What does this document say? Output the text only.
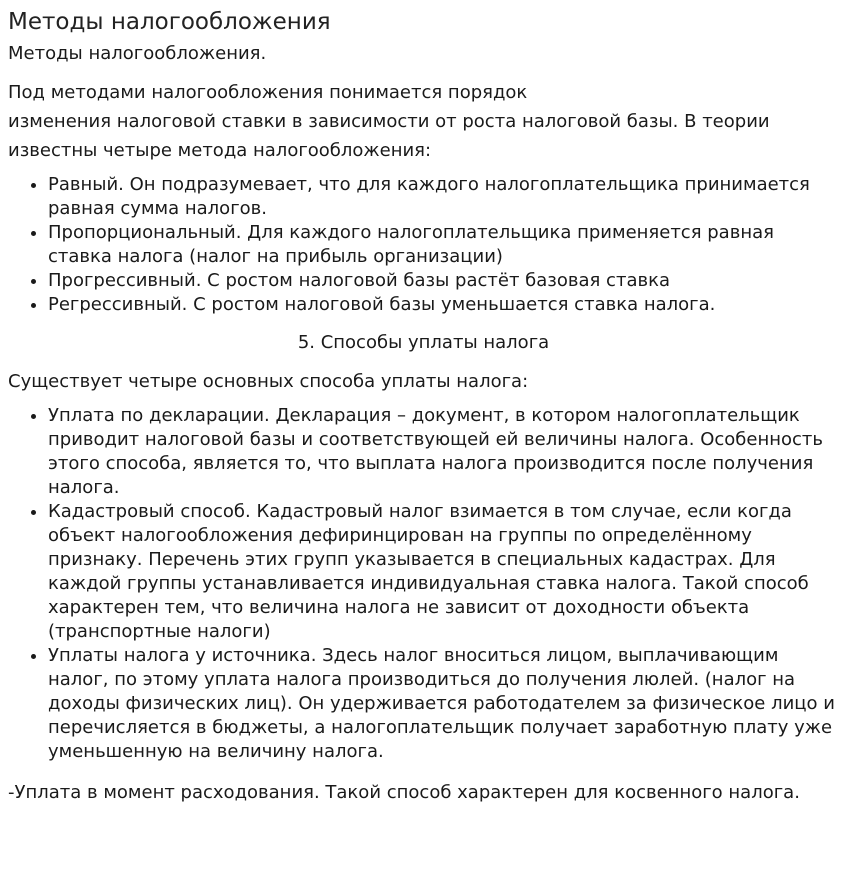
Методы налогообложения
Методы налогообложения.

Под методами налогообложения понимается порядок
изменения налоговой ставки в зависимости от роста налоговой базы. В теории известны четыре метода налогообложения:

• Равный. Он подразумевает, что для каждого налогоплательщика принимается равная сумма налогов.
• Пропорциональный. Для каждого налогоплательщика применяется равная ставка налога (налог на прибыль организации)
• Прогрессивный. С ростом налоговой базы растёт базовая ставка
• Регрессивный. С ростом налоговой базы уменьшается ставка налога.
5. Способы уплаты налога

Существует четыре основных способа уплаты налога:

• Уплата по декларации. Декларация – документ, в котором налогоплательщик приводит налоговой базы и соответствующей ей величины налога. Особенность этого способа, является то, что выплата налога производится после получения налога.
• Кадастровый способ. Кадастровый налог взимается в том случае, если когда объект налогообложения дефиринцирован на группы по определённому признаку. Перечень этих групп указывается в специальных кадастрах. Для каждой группы устанавливается индивидуальная ставка налога. Такой способ характерен тем, что величина налога не зависит от доходности объекта (транспортные налоги)
• Уплаты налога у источника. Здесь налог вноситься лицом, выплачивающим налог, по этому уплата налога производиться до получения люлей. (налог на доходы физических лиц). Он удерживается работодателем за физическое лицо и перечисляется в бюджеты, а налогоплательщик получает заработную плату уже уменьшенную на величину налога.

-Уплата в момент расходования. Такой способ характерен для косвенного налога.
